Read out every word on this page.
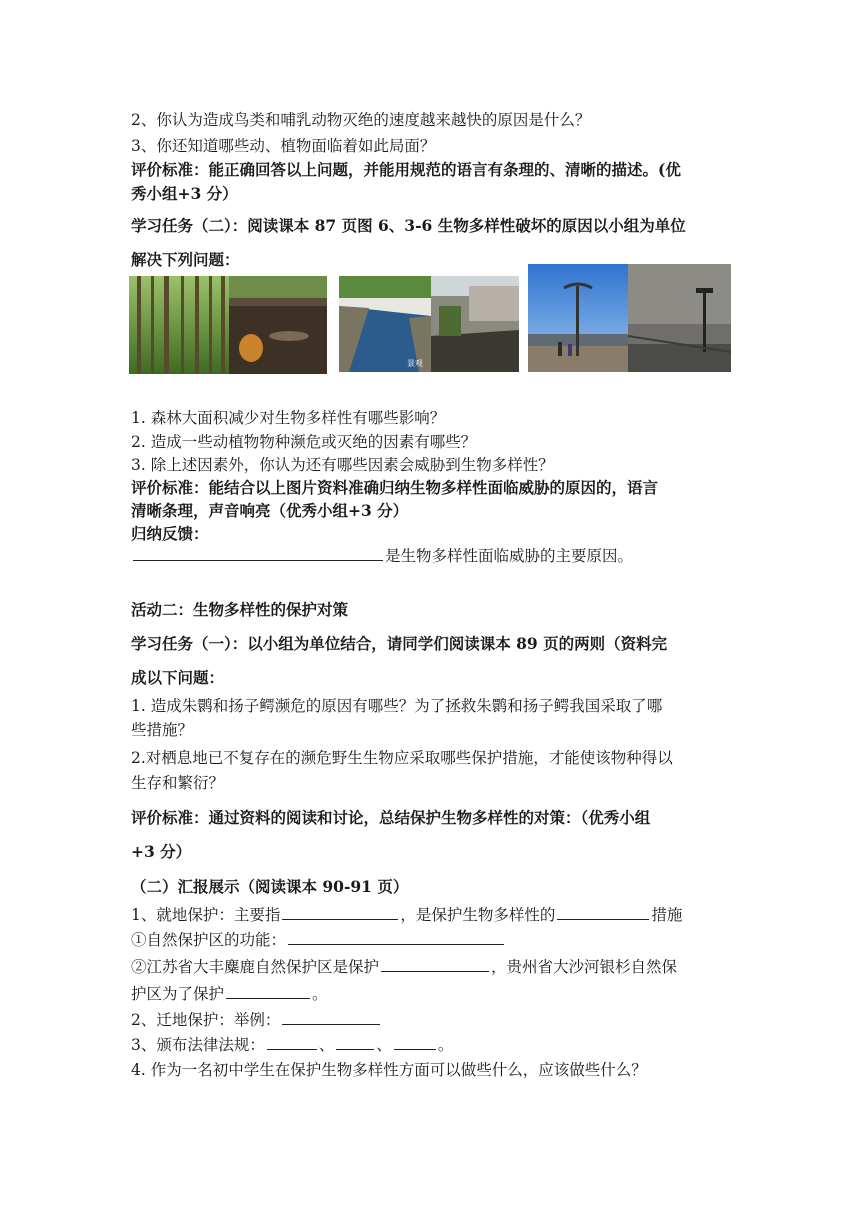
2、你认为造成鸟类和哺乳动物灭绝的速度越来越快的原因是什么？
3、你还知道哪些动、植物面临着如此局面？
评价标准：能正确回答以上问题，并能用规范的语言有条理的、清晰的描述。(优
秀小组+3 分）
学习任务（二）：阅读课本 87 页图 6、3-6 生物多样性破坏的原因以小组为单位
解决下列问题：
景观
1. 森林大面积减少对生物多样性有哪些影响？
2. 造成一些动植物物种濒危或灭绝的因素有哪些？
3. 除上述因素外，你认为还有哪些因素会威胁到生物多样性？
评价标准：能结合以上图片资料准确归纳生物多样性面临威胁的原因的，语言
清晰条理，声音响亮（优秀小组+3 分）
归纳反馈：
是生物多样性面临威胁的主要原因。
活动二：生物多样性的保护对策
学习任务（一）：以小组为单位结合，请同学们阅读课本 89 页的两则（资料完
成以下问题：
1. 造成朱鹮和扬子鳄濒危的原因有哪些？为了拯救朱鹮和扬子鳄我国采取了哪
些措施？
2.对栖息地已不复存在的濒危野生生物应采取哪些保护措施，才能使该物种得以
生存和繁衍？
评价标准：通过资料的阅读和讨论，总结保护生物多样性的对策：（优秀小组
+3 分）
（二）汇报展示（阅读课本 90-91 页）
1、就地保护：主要指	，是保护生物多样性的	措施
①自然保护区的功能：
②江苏省大丰麋鹿自然保护区是保护	，贵州省大沙河银杉自然保
护区为了保护	。
2、迁地保护：举例：
3、颁布法律法规：	、	、	。
4. 作为一名初中学生在保护生物多样性方面可以做些什么，应该做些什么？
